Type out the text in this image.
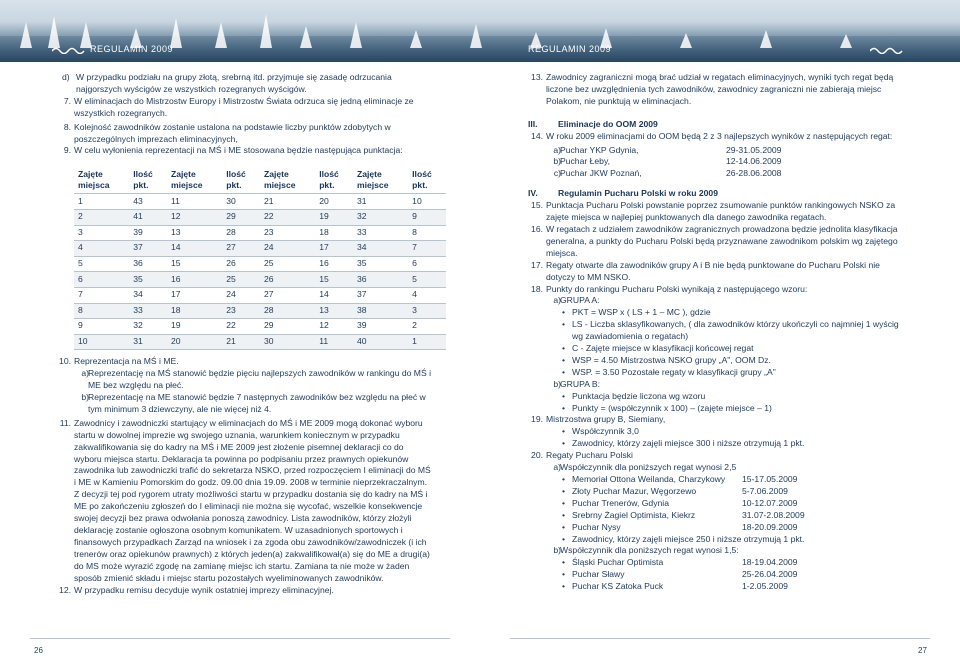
REGULAMIN 2009	REGULAMIN 2009
d) W przypadku podziału na grupy złotą, srebrną itd. przyjmuje się zasadę odrzucania najgorszych wyścigów ze wszystkich rozegranych wyścigów.
7. W eliminacjach do Mistrzostw Europy i Mistrzostw Świata odrzuca się jedną eliminacje ze wszystkich rozegranych.
8. Kolejność zawodników zostanie ustalona na podstawie liczby punktów zdobytych w poszczególnych imprezach eliminacyjnych,
9. W celu wyłonienia reprezentacji na MŚ i ME stosowana będzie następująca punktacja:
Zajęte miejsca	Ilość pkt.	Zajęte miejsce	Ilość pkt.	Zajęte miejsce	Ilość pkt.	Zajęte miejsce	Ilość pkt.
1	43	11	30	21	20	31	10
2	41	12	29	22	19	32	9
3	39	13	28	23	18	33	8
4	37	14	27	24	17	34	7
5	36	15	26	25	16	35	6
6	35	16	25	26	15	36	5
7	34	17	24	27	14	37	4
8	33	18	23	28	13	38	3
9	32	19	22	29	12	39	2
10	31	20	21	30	11	40	1
10. Reprezentacja na MŚ i ME.
a) Reprezentację na MŚ stanowić będzie pięciu najlepszych zawodników w rankingu do MŚ i ME bez względu na płeć.
b) Reprezentację na ME stanowić będzie 7 następnych zawodników bez względu na płeć w tym minimum 3 dziewczyny, ale nie więcej niż 4.
11. Zawodnicy i zawodniczki startujący w eliminacjach do MŚ i ME 2009 mogą dokonać wyboru startu w dowolnej imprezie wg swojego uznania, warunkiem koniecznym w przypadku zakwalifikowania się do kadry na MŚ i ME 2009 jest złożenie pisemnej deklaracji co do wyboru miejsca startu. Deklaracja ta powinna po podpisaniu przez prawnych opiekunów zawodnika lub zawodniczki trafić do sekretarza NSKO, przed rozpoczęciem I eliminacji do MŚ i ME w Kamieniu Pomorskim do godz. 09.00 dnia 19.09. 2008 w terminie nieprzekraczalnym. Z decyzji tej pod rygorem utraty możliwości startu w przypadku dostania się do kadry na MŚ i ME po zakończeniu zgłoszeń do I eliminacji nie można się wycofać, wszelkie konsekwencje swojej decyzji bez prawa odwołania ponoszą zawodnicy. Lista zawodników, którzy złożyli deklarację zostanie ogłoszona osobnym komunikatem. W uzasadnionych sportowych i finansowych przypadkach Zarząd na wniosek i za zgoda obu zawodników/zawodniczek (i ich trenerów oraz opiekunów prawnych) z których jeden(a) zakwalifikował(a) się do ME a drugi(a) do MS może wyrazić zgodę na zamianę miejsc ich startu. Zamiana ta nie może w żaden sposób zmienić składu i miejsc startu pozostałych wyeliminowanych zawodników.
12. W przypadku remisu decyduje wynik ostatniej imprezy eliminacyjnej.
13. Zawodnicy zagraniczni mogą brać udział w regatach eliminacyjnych, wyniki tych regat będą liczone bez uwzględnienia tych zawodników, zawodnicy zagraniczni nie zabierają miejsc Polakom, nie punktują w eliminacjach.
III. Eliminacje do OOM 2009
14. W roku 2009 eliminacjami do OOM będą 2 z 3 najlepszych wyników z następujących regat:
a) Puchar YKP Gdynia,	29-31.05.2009
b) Puchar Łeby,	12-14.06.2009
c) Puchar JKW Poznań,	26-28.06.2008
IV. Regulamin Pucharu Polski w roku 2009
15. Punktacja Pucharu Polski powstanie poprzez zsumowanie punktów rankingowych NSKO za zajęte miejsca w najlepiej punktowanych dla danego zawodnika regatach.
16. W regatach z udziałem zawodników zagranicznych prowadzona będzie jednolita klasyfikacja generalna, a punkty do Pucharu Polski będą przyznawane zawodnikom polskim wg zajętego miejsca.
17. Regaty otwarte dla zawodników grupy A i B nie będą punktowane do Pucharu Polski nie dotyczy to MM NSKO.
18. Punkty do rankingu Pucharu Polski wynikają z następującego wzoru:
a) GRUPA A:
• PKT = WSP x ( LS + 1 – MC ), gdzie
• LS - Liczba sklasyfikowanych, ( dla zawodników którzy ukończyli co najmniej 1 wyścig wg zawiadomienia o regatach)
• C - Zajęte miejsce w klasyfikacji końcowej regat
• WSP = 4.50 Mistrzostwa NSKO grupy „A", OOM Dz.
• WSP. = 3.50 Pozostałe regaty w klasyfikacji grupy „A"
b) GRUPA B:
• Punktacja będzie liczona wg wzoru
• Punkty = (współczynnik x 100) – (zajęte miejsce – 1)
19. Mistrzostwa grupy B, Siemiany,
• Współczynnik 3,0
• Zawodnicy, którzy zajęli miejsce 300 i niższe otrzymują 1 pkt.
20. Regaty Pucharu Polski
a) Współczynnik dla poniższych regat wynosi 2,5
• Memoriał Ottona Weilanda, Charzykowy 15-17.05.2009
• Złoty Puchar Mazur, Węgorzewo	5-7.06.2009
• Puchar Trenerów, Gdynia	10-12.07.2009
• Srebrny Żagiel Optimista, Kiekrz	31.07-2.08.2009
• Puchar Nysy	18-20.09.2009
• Zawodnicy, którzy zajęli miejsce 250 i niższe otrzymują 1 pkt.
b) Współczynnik dla poniższych regat wynosi 1,5:
• Śląski Puchar Optimista	18-19.04.2009
• Puchar Sławy	25-26.04.2009
• Puchar KS Zatoka Puck	1-2.05.2009
26	27
